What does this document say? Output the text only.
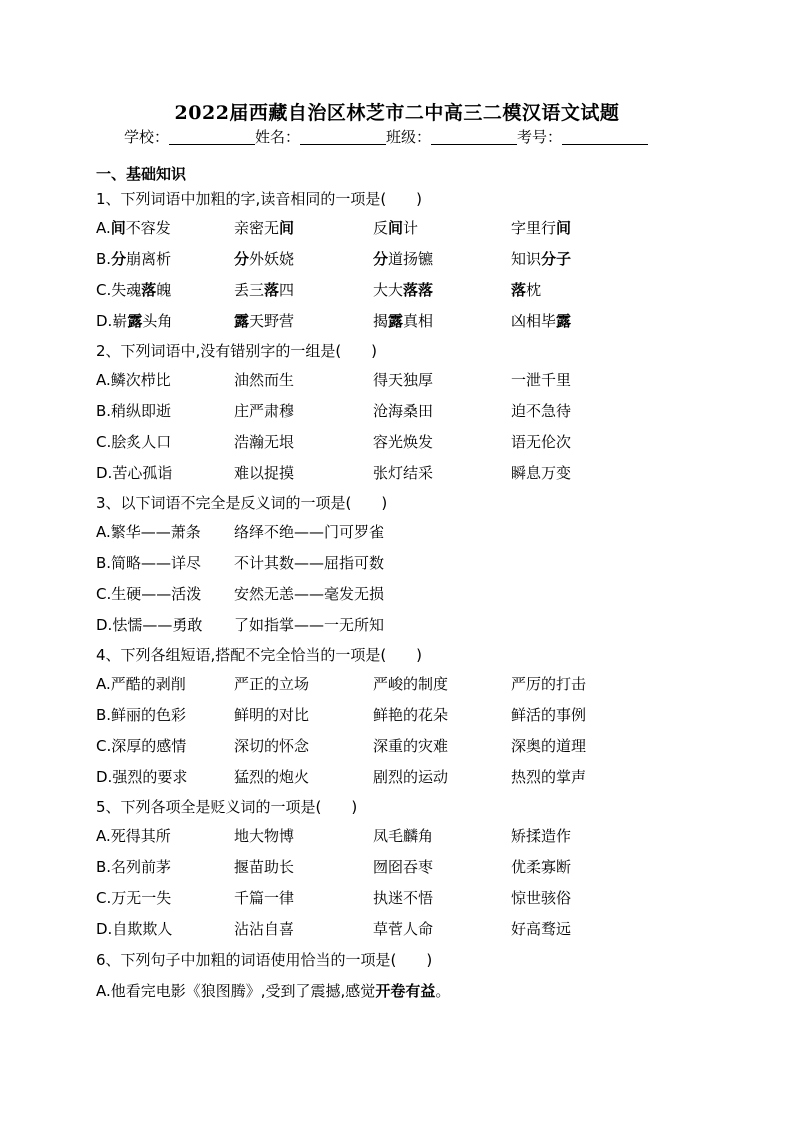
2022届西藏自治区林芝市二中高三二模汉语文试题
学校：	姓名：	班级：	考号：
一、基础知识
1、下列词语中加粗的字,读音相同的一项是(　　)
A.间不容发	亲密无间	反间计	字里行间
B.分崩离析	分外妖娆	分道扬镳	知识分子
C.失魂落魄	丢三落四	大大落落	落枕
D.崭露头角	露天野营	揭露真相	凶相毕露
2、下列词语中,没有错别字的一组是(　　)
A.鳞次栉比	油然而生	得天独厚	一泄千里
B.稍纵即逝	庄严肃穆	沧海桑田	迫不急待
C.脍炙人口	浩瀚无垠	容光焕发	语无伦次
D.苦心孤诣	难以捉摸	张灯结采	瞬息万变
3、以下词语不完全是反义词的一项是(　　)
A.繁华——萧条 络绎不绝——门可罗雀
B.简略——详尽 不计其数——屈指可数
C.生硬——活泼 安然无恙——毫发无损
D.怯懦——勇敢 了如指掌——一无所知
4、下列各组短语,搭配不完全恰当的一项是(　　)
A.严酷的剥削	严正的立场	严峻的制度	严厉的打击
B.鲜丽的色彩	鲜明的对比	鲜艳的花朵	鲜活的事例
C.深厚的感情	深切的怀念	深重的灾难	深奥的道理
D.强烈的要求	猛烈的炮火	剧烈的运动	热烈的掌声
5、下列各项全是贬义词的一项是(　　)
A.死得其所	地大物博	凤毛麟角	矫揉造作
B.名列前茅	揠苗助长	囫囵吞枣	优柔寡断
C.万无一失	千篇一律	执迷不悟	惊世骇俗
D.自欺欺人	沾沾自喜	草菅人命	好高骛远
6、下列句子中加粗的词语使用恰当的一项是(　　)
A.他看完电影《狼图腾》,受到了震撼,感觉开卷有益。
